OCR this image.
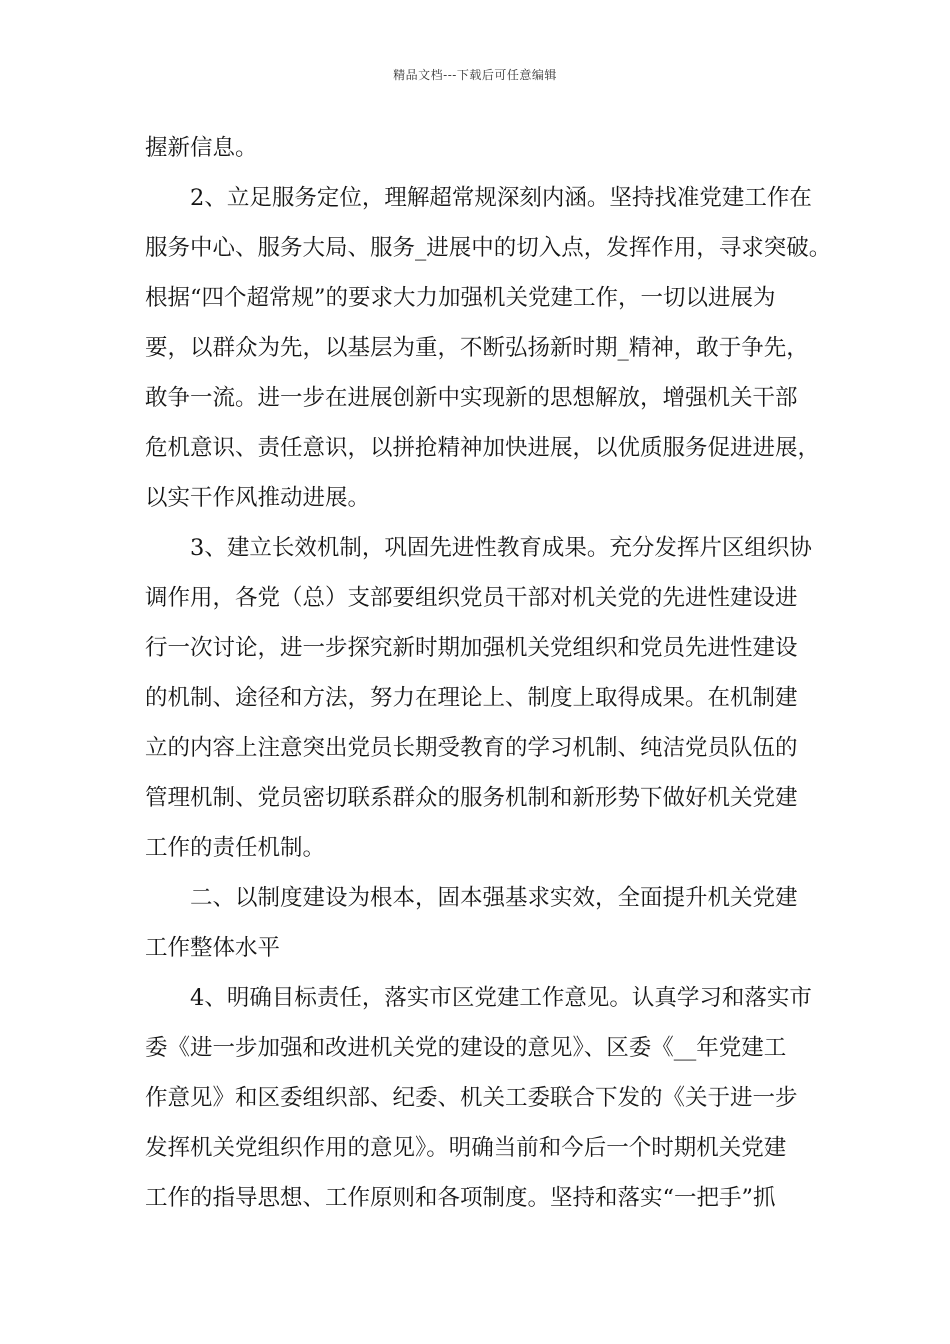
精品文档---下载后可任意编辑
握新信息。
　　2、立足服务定位，理解超常规深刻内涵。坚持找准党建工作在
服务中心、服务大局、服务_进展中的切入点，发挥作用，寻求突破。
根据“四个超常规”的要求大力加强机关党建工作，一切以进展为
要，以群众为先，以基层为重，不断弘扬新时期_精神，敢于争先，
敢争一流。进一步在进展创新中实现新的思想解放，增强机关干部
危机意识、责任意识，以拼抢精神加快进展，以优质服务促进进展，
以实干作风推动进展。
　　3、建立长效机制，巩固先进性教育成果。充分发挥片区组织协
调作用，各党（总）支部要组织党员干部对机关党的先进性建设进
行一次讨论，进一步探究新时期加强机关党组织和党员先进性建设
的机制、途径和方法，努力在理论上、制度上取得成果。在机制建
立的内容上注意突出党员长期受教育的学习机制、纯洁党员队伍的
管理机制、党员密切联系群众的服务机制和新形势下做好机关党建
工作的责任机制。
　　二、以制度建设为根本，固本强基求实效，全面提升机关党建
工作整体水平
　　4、明确目标责任，落实市区党建工作意见。认真学习和落实市
委《进一步加强和改进机关党的建设的意见》、区委《__年党建工
作意见》和区委组织部、纪委、机关工委联合下发的《关于进一步
发挥机关党组织作用的意见》。明确当前和今后一个时期机关党建
工作的指导思想、工作原则和各项制度。坚持和落实“一把手”抓
